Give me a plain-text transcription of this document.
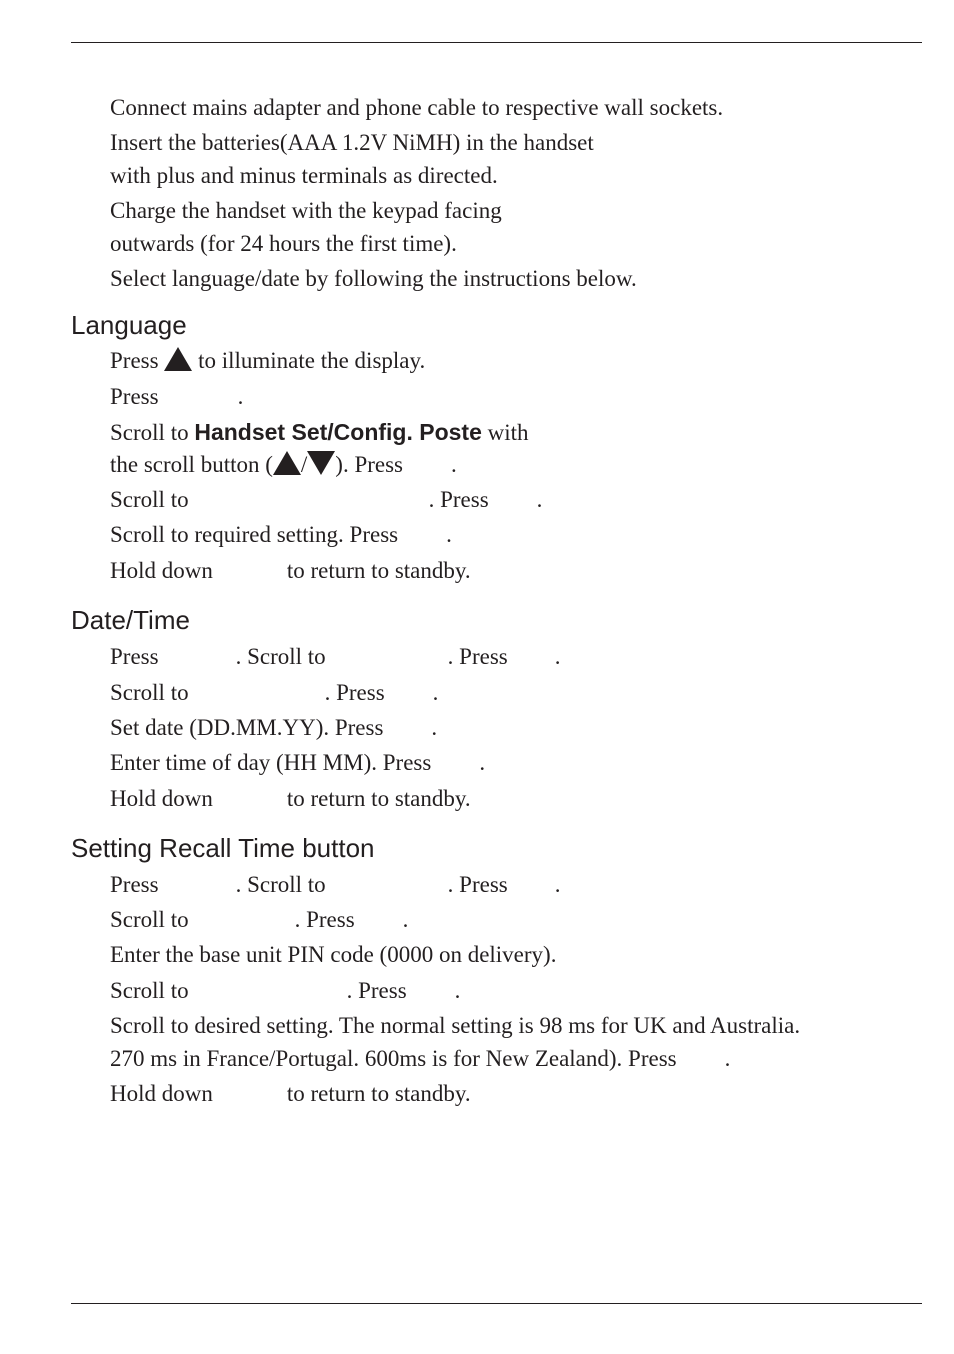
Connect mains adapter and phone cable to respective wall sockets.
Insert the batteries(AAA 1.2V NiMH) in the handset
with plus and minus terminals as directed.
Charge the handset with the keypad facing
outwards (for 24 hours the first time).
Select language/date by following the instructions below.
Language
Press to illuminate the display.
Press	.
Scroll to Handset Set/Config. Poste with
the scroll button ( / ). Press .
Scroll to	. Press .
Scroll to required setting. Press .
Hold down	to return to standby.
Date/Time
Press	. Scroll to	. Press .
Scroll to	. Press .
Set date (DD.MM.YY). Press .
Enter time of day (HH MM). Press .
Hold down	to return to standby.
Setting Recall Time button
Press	. Scroll to	. Press .
Scroll to	. Press .
Enter the base unit PIN code (0000 on delivery).
Scroll to	. Press .
Scroll to desired setting. The normal setting is 98 ms for UK and Australia.
270 ms in France/Portugal. 600ms is for New Zealand). Press .
Hold down	to return to standby.
